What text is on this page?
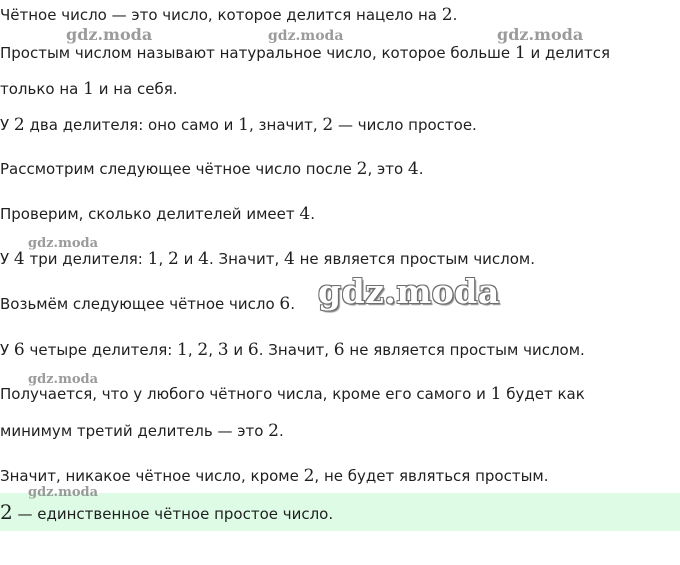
Чётное число — это число, которое делится нацело на 2.
Простым числом называют натуральное число, которое больше 1 и делится
только на 1 и на себя.
У 2 два делителя: оно само и 1, значит, 2 — число простое.
Рассмотрим следующее чётное число после 2, это 4.
Проверим, сколько делителей имеет 4.
У 4 три делителя: 1, 2 и 4. Значит, 4 не является простым числом.
Возьмём следующее чётное число 6.
У 6 четыре делителя: 1, 2, 3 и 6. Значит, 6 не является простым числом.
Получается, что у любого чётного числа, кроме его самого и 1 будет как
минимум третий делитель — это 2.
Значит, никакое чётное число, кроме 2, не будет являться простым.
2 — единственное чётное простое число.
gdz.moda	gdz.moda	gdz.moda
gdz.moda
gdz.moda
gdz.moda
gdz.moda
